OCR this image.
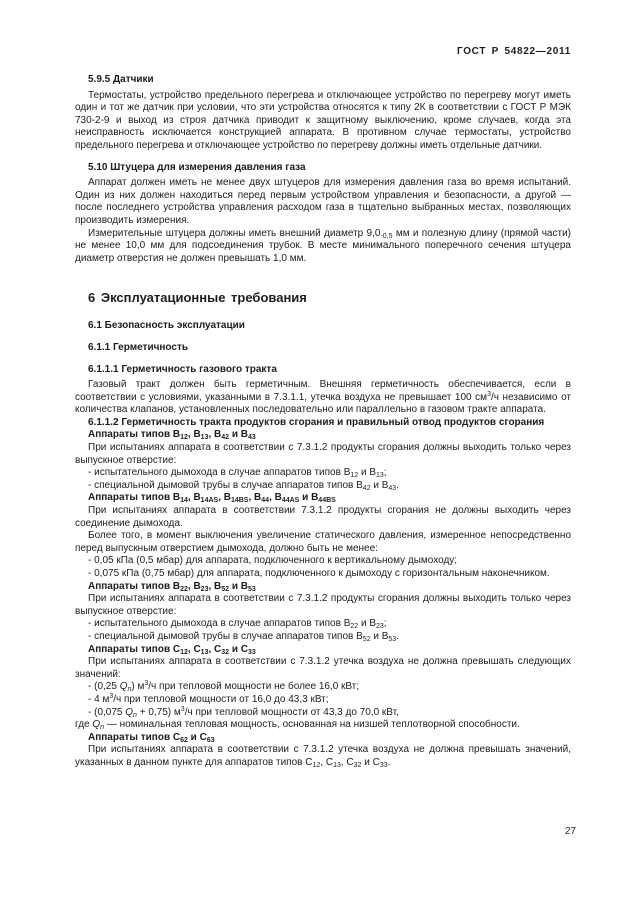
ГОСТ Р 54822—2011
5.9.5 Датчики
Термостаты, устройство предельного перегрева и отключающее устройство по перегреву могут иметь один и тот же датчик при условии, что эти устройства относятся к типу 2К в соответствии с ГОСТ Р МЭК 730-2-9 и выход из строя датчика приводит к защитному выключению, кроме случаев, когда эта неисправность исключается конструкцией аппарата. В противном случае термостаты, устройство предельного перегрева и отключающее устройство по перегреву должны иметь отдельные датчики.
5.10 Штуцера для измерения давления газа
Аппарат должен иметь не менее двух штуцеров для измерения давления газа во время испытаний. Один из них должен находиться перед первым устройством управления и безопасности, а другой — после последнего устройства управления расходом газа в тщательно выбранных местах, позволяющих производить измерения.
Измерительные штуцера должны иметь внешний диаметр $9,0_{-0,5}$ мм и полезную длину (прямой части) не менее 10,0 мм для подсоединения трубок. В месте минимального поперечного сечения штуцера диаметр отверстия не должен превышать 1,0 мм.
6 Эксплуатационные требования
6.1 Безопасность эксплуатации
6.1.1 Герметичность
6.1.1.1 Герметичность газового тракта
Газовый тракт должен быть герметичным. Внешняя герметичность обеспечивается, если в соответствии с условиями, указанными в 7.3.1.1, утечка воздуха не превышает 100 $см^3/ч$ независимо от количества клапанов, установленных последовательно или параллельно в газовом тракте аппарата.
6.1.1.2 Герметичность тракта продуктов сгорания и правильный отвод продуктов сгорания
Аппараты типов $В_{12}$, $В_{13}$, $В_{42}$ и $В_{43}$
При испытаниях аппарата в соответствии с 7.3.1.2 продукты сгорания должны выходить только через выпускное отверстие:
- испытательного дымохода в случае аппаратов типов $В_{12}$ и $В_{13}$;
- специальной дымовой трубы в случае аппаратов типов $В_{42}$ и $В_{43}$.
Аппараты типов $В_{14}$, $В_{14AS}$, $В_{14BS}$, $В_{44}$, $В_{44AS}$ и $В_{44BS}$
При испытаниях аппарата в соответствии 7.3.1.2 продукты сгорания не должны выходить через соединение дымохода.
Более того, в момент выключения увеличение статического давления, измеренное непосредственно перед выпускным отверстием дымохода, должно быть не менее:
- 0,05 кПа (0,5 мбар) для аппарата, подключенного к вертикальному дымоходу;
- 0,075 кПа (0,75 мбар) для аппарата, подключенного к дымоходу с горизонтальным наконечником.
Аппараты типов $В_{22}$, $В_{23}$, $В_{52}$ и $В_{53}$
При испытаниях аппарата в соответствии с 7.3.1.2 продукты сгорания должны выходить только через выпускное отверстие:
- испытательного дымохода в случае аппаратов типов $В_{22}$ и $В_{23}$;
- специальной дымовой трубы в случае аппаратов типов $В_{52}$ и $В_{53}$.
Аппараты типов $С_{12}$, $С_{13}$, $С_{32}$ и $С_{33}$
При испытаниях аппарата в соответствии с 7.3.1.2 утечка воздуха не должна превышать следующих значений:
- (0,25 $Q_n$) $м^3/ч$ при тепловой мощности не более 16,0 кВт;
- 4 $м^3/ч$ при тепловой мощности от 16,0 до 43,3 кВт;
- (0,075 $Q_n + 0,75$) $м^3/ч$ при тепловой мощности от 43,3 до 70,0 кВт,
где $Q_n$ — номинальная тепловая мощность, основанная на низшей теплотворной способности.
Аппараты типов $С_{62}$ и $С_{63}$
При испытаниях аппарата в соответствии с 7.3.1.2 утечка воздуха не должна превышать значений, указанных в данном пункте для аппаратов типов $С_{12}$, $С_{13}$, $С_{32}$ и $С_{33}$.
27
